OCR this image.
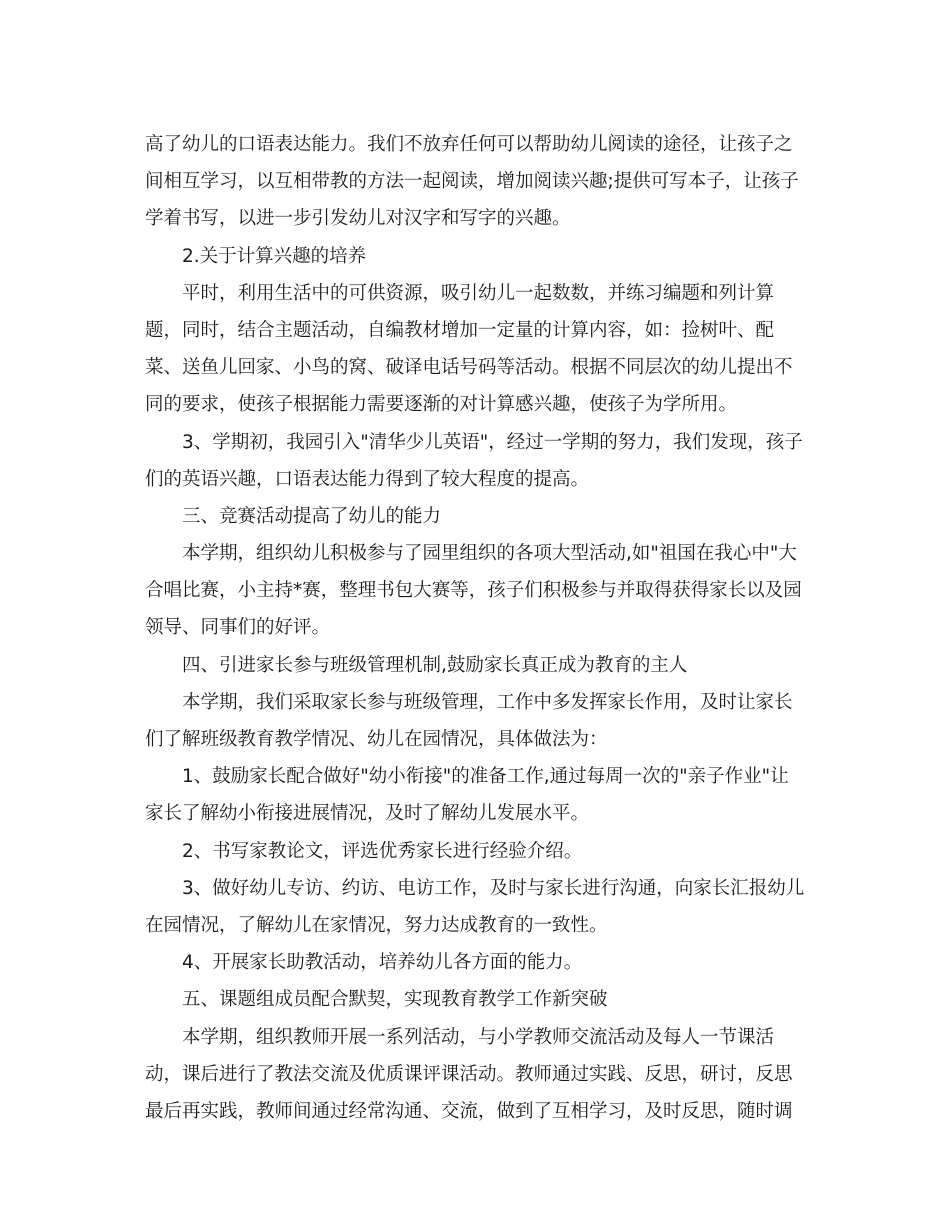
高了幼儿的口语表达能力。我们不放弃任何可以帮助幼儿阅读的途径，让孩子之
间相互学习，以互相带教的方法一起阅读，增加阅读兴趣;提供可写本子，让孩子
学着书写，以进一步引发幼儿对汉字和写字的兴趣。
2.关于计算兴趣的培养
平时，利用生活中的可供资源，吸引幼儿一起数数，并练习编题和列计算
题，同时，结合主题活动，自编教材增加一定量的计算内容，如：捡树叶、配
菜、送鱼儿回家、小鸟的窝、破译电话号码等活动。根据不同层次的幼儿提出不
同的要求，使孩子根据能力需要逐渐的对计算感兴趣，使孩子为学所用。
3、学期初，我园引入"清华少儿英语"，经过一学期的努力，我们发现，孩子
们的英语兴趣，口语表达能力得到了较大程度的提高。
三、竞赛活动提高了幼儿的能力
本学期，组织幼儿积极参与了园里组织的各项大型活动,如"祖国在我心中"大
合唱比赛，小主持*赛，整理书包大赛等，孩子们积极参与并取得获得家长以及园
领导、同事们的好评。
四、引进家长参与班级管理机制,鼓励家长真正成为教育的主人
本学期，我们采取家长参与班级管理，工作中多发挥家长作用，及时让家长
们了解班级教育教学情况、幼儿在园情况，具体做法为：
1、鼓励家长配合做好"幼小衔接"的准备工作,通过每周一次的"亲子作业"让
家长了解幼小衔接进展情况，及时了解幼儿发展水平。
2、书写家教论文，评选优秀家长进行经验介绍。
3、做好幼儿专访、约访、电访工作，及时与家长进行沟通，向家长汇报幼儿
在园情况，了解幼儿在家情况，努力达成教育的一致性。
4、开展家长助教活动，培养幼儿各方面的能力。
五、课题组成员配合默契，实现教育教学工作新突破
本学期，组织教师开展一系列活动，与小学教师交流活动及每人一节课活
动，课后进行了教法交流及优质课评课活动。教师通过实践、反思，研讨，反思
最后再实践，教师间通过经常沟通、交流，做到了互相学习，及时反思，随时调
